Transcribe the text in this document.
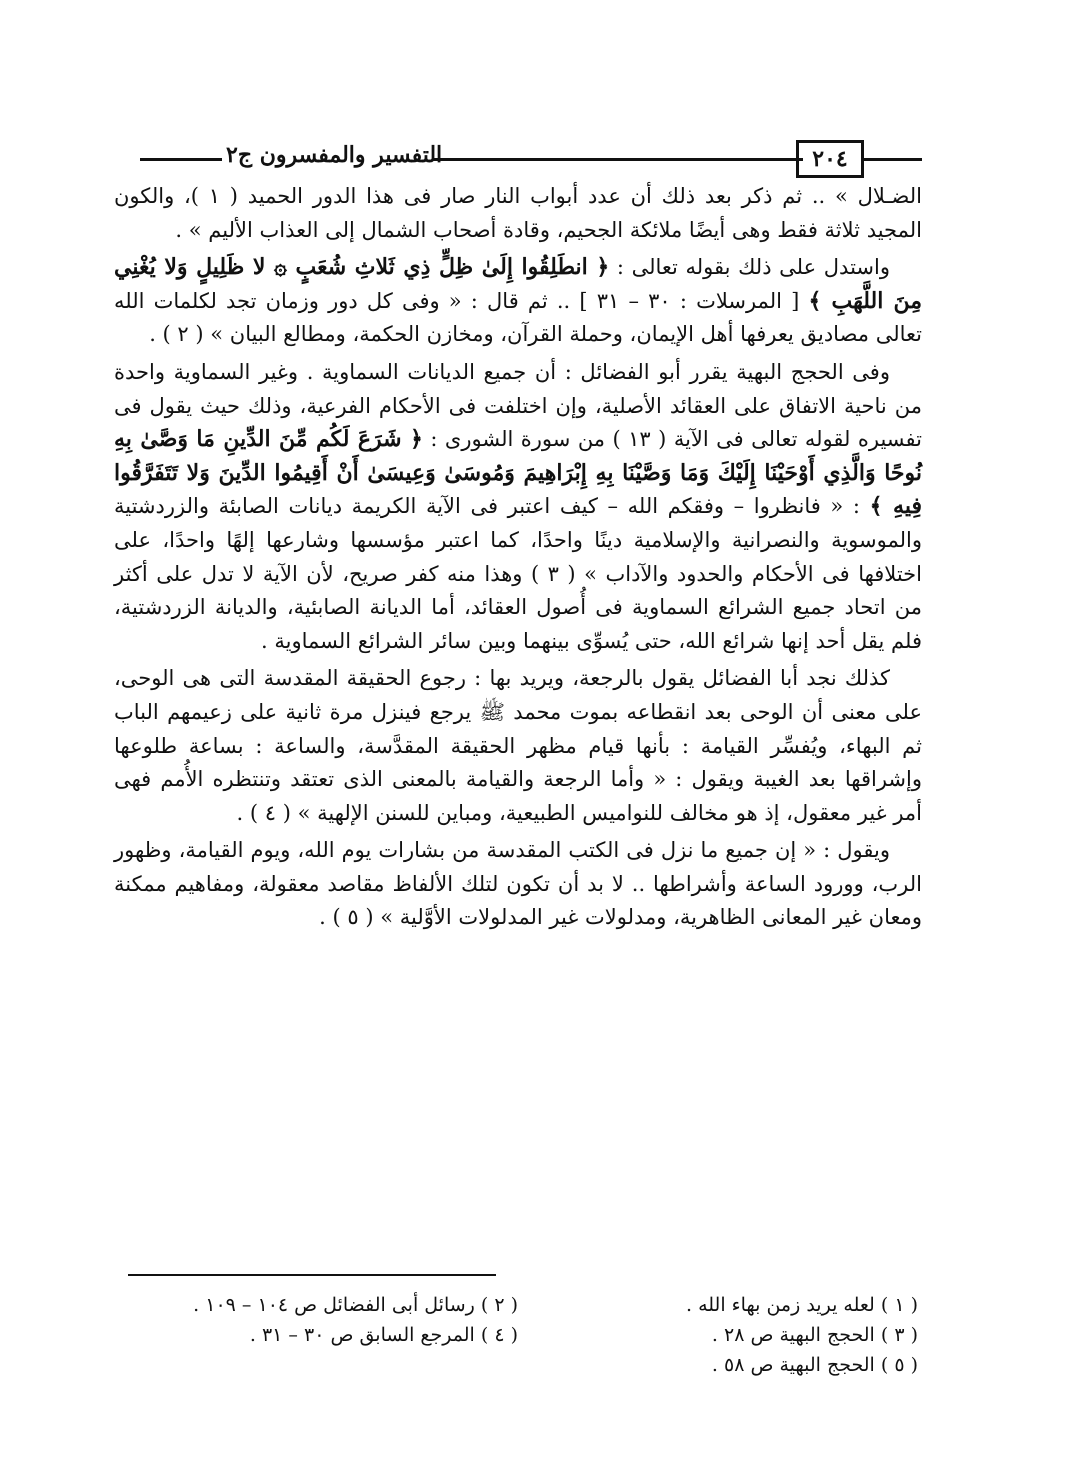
التفسير والمفسرون ج٢	٢٠٤

الضـلال » .. ثم ذكر بعد ذلك أن عدد أبواب النار صار فى هذا الدور الحميد ( ١ )، والكون المجيد ثلاثة فقط وهى أيضًا ملائكة الجحيم، وقادة أصحاب الشمال إلى العذاب الأليم » .

واستدل على ذلك بقوله تعالى : ﴿ انطَلِقُوا إِلَىٰ ظِلٍّ ذِي ثَلاثِ شُعَبٍ ۞ لا ظَلِيلٍ وَلا يُغْنِي مِنَ اللَّهَبِ ﴾ [ المرسلات : ٣٠ – ٣١ ] .. ثم قال : « وفى كل دور وزمان تجد لكلمات الله تعالى مصاديق يعرفها أهل الإيمان، وحملة القرآن، ومخازن الحكمة، ومطالع البيان » ( ٢ ) .

وفى الحجج البهية يقرر أبو الفضائل : أن جميع الديانات السماوية . وغير السماوية واحدة من ناحية الاتفاق على العقائد الأصلية، وإن اختلفت فى الأحكام الفرعية، وذلك حيث يقول فى تفسيره لقوله تعالى فى الآية ( ١٣ ) من سورة الشورى : ﴿ شَرَعَ لَكُم مِّنَ الدِّينِ مَا وَصَّىٰ بِهِ نُوحًا وَالَّذِي أَوْحَيْنَا إِلَيْكَ وَمَا وَصَّيْنَا بِهِ إِبْرَاهِيمَ وَمُوسَىٰ وَعِيسَىٰ أَنْ أَقِيمُوا الدِّينَ وَلا تَتَفَرَّقُوا فِيهِ ﴾ : « فانظروا – وفقكم الله – كيف اعتبر فى الآية الكريمة ديانات الصابئة والزردشتية والموسوية والنصرانية والإسلامية دينًا واحدًا، كما اعتبر مؤسسها وشارعها إلهًا واحدًا، على اختلافها فى الأحكام والحدود والآداب » ( ٣ ) وهذا منه كفر صريح، لأن الآية لا تدل على أكثر من اتحاد جميع الشرائع السماوية فى أُصول العقائد، أما الديانة الصابئية، والديانة الزردشتية، فلم يقل أحد إنها شرائع الله، حتى يُسوِّى بينهما وبين سائر الشرائع السماوية .

كذلك نجد أبا الفضائل يقول بالرجعة، ويريد بها : رجوع الحقيقة المقدسة التى هى الوحى، على معنى أن الوحى بعد انقطاعه بموت محمد ﷺ يرجع فينزل مرة ثانية على زعيمهم الباب ثم البهاء، ويُفسِّر القيامة : بأنها قيام مظهر الحقيقة المقدَّسة، والساعة : بساعة طلوعها وإشراقها بعد الغيبة ويقول : « وأما الرجعة والقيامة بالمعنى الذى تعتقد وتنتظره الأُمم فهى أمر غير معقول، إذ هو مخالف للنواميس الطبيعية، ومباين للسنن الإلهية » ( ٤ ) .

ويقول : « إن جميع ما نزل فى الكتب المقدسة من بشارات يوم الله، ويوم القيامة، وظهور الرب، وورود الساعة وأشراطها .. لا بد أن تكون لتلك الألفاظ مقاصد معقولة، ومفاهيم ممكنة ومعان غير المعانى الظاهرية، ومدلولات غير المدلولات الأوَّلية » ( ٥ ) .

( ١ ) لعله يريد زمن بهاء الله .
( ٢ ) رسائل أبى الفضائل ص ١٠٤ – ١٠٩ .
( ٣ ) الحجج البهية ص ٢٨ .
( ٤ ) المرجع السابق ص ٣٠ – ٣١ .
( ٥ ) الحجج البهية ص ٥٨ .
